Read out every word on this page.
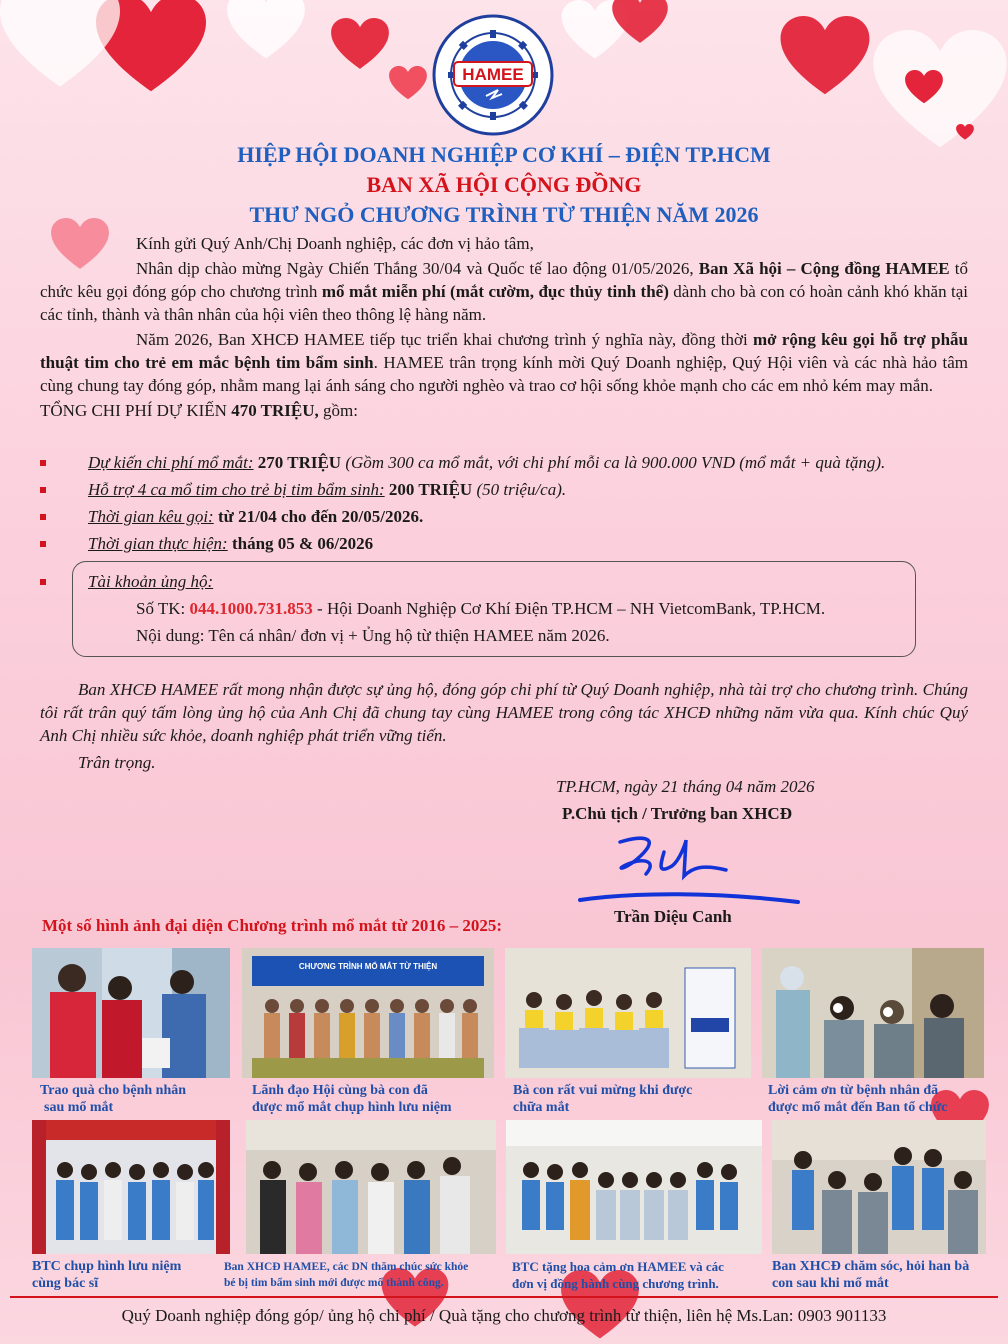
HAMEE
HIỆP HỘI DOANH NGHIỆP CƠ KHÍ – ĐIỆN TP.HCM
BAN XÃ HỘI CỘNG ĐỒNG
THƯ NGỎ CHƯƠNG TRÌNH TỪ THIỆN NĂM 2026

Kính gửi Quý Anh/Chị Doanh nghiệp, các đơn vị hảo tâm,

Nhân dịp chào mừng Ngày Chiến Thắng 30/04 và Quốc tế lao động 01/05/2026, Ban Xã hội – Cộng đồng HAMEE tổ chức kêu gọi đóng góp cho chương trình mổ mắt miễn phí (mắt cườm, đục thủy tinh thể) dành cho bà con có hoàn cảnh khó khăn tại các tỉnh, thành và thân nhân của hội viên theo thông lệ hàng năm.

Năm 2026, Ban XHCĐ HAMEE tiếp tục triển khai chương trình ý nghĩa này, đồng thời mở rộng kêu gọi hỗ trợ phẫu thuật tim cho trẻ em mắc bệnh tim bẩm sinh. HAMEE trân trọng kính mời Quý Doanh nghiệp, Quý Hội viên và các nhà hảo tâm cùng chung tay đóng góp, nhằm mang lại ánh sáng cho người nghèo và trao cơ hội sống khỏe mạnh cho các em nhỏ kém may mắn.

TỔNG CHI PHÍ DỰ KIẾN 470 TRIỆU, gồm:

Dự kiến chi phí mổ mắt: 270 TRIỆU (Gồm 300 ca mổ mắt, với chi phí mỗi ca là 900.000 VND (mổ mắt + quà tặng).
Hỗ trợ 4 ca mổ tim cho trẻ bị tim bẩm sinh: 200 TRIỆU (50 triệu/ca).
Thời gian kêu gọi: từ 21/04 cho đến 20/05/2026.
Thời gian thực hiện: tháng 05 & 06/2026
Tài khoản ủng hộ:
Số TK: 044.1000.731.853 - Hội Doanh Nghiệp Cơ Khí Điện TP.HCM – NH VietcomBank, TP.HCM.
Nội dung: Tên cá nhân/ đơn vị + Ủng hộ từ thiện HAMEE năm 2026.
Ban XHCĐ HAMEE rất mong nhận được sự ủng hộ, đóng góp chi phí từ Quý Doanh nghiệp, nhà tài trợ cho chương trình. Chúng tôi rất trân quý tấm lòng ủng hộ của Anh Chị đã chung tay cùng HAMEE trong công tác XHCĐ những năm vừa qua. Kính chúc Quý Anh Chị nhiều sức khỏe, doanh nghiệp phát triển vững tiến.
Trân trọng.
TP.HCM, ngày 21 tháng 04 năm 2026
P.Chủ tịch / Trưởng ban XHCĐ
Trần Diệu Canh
Một số hình ảnh đại diện Chương trình mổ mắt từ 2016 – 2025:
CHƯƠNG TRÌNH MỔ MẮT TỪ THIỆN
Trao quà cho bệnh nhân
sau mổ mắt
Lãnh đạo Hội cùng bà con đã
được mổ mắt chụp hình lưu niệm
Bà con rất vui mừng khi được
chữa mắt
Lời cảm ơn từ bệnh nhân đã
được mổ mắt đến Ban tổ chức
BTC chụp hình lưu niệm
cùng bác sĩ
Ban XHCĐ HAMEE, các DN thăm chúc sức khỏe
bé bị tim bẩm sinh mới được mổ thành công.
BTC tặng hoa cảm ơn HAMEE và các
đơn vị đồng hành cùng chương trình.
Ban XHCĐ chăm sóc, hỏi han bà
con sau khi mổ mắt
Quý Doanh nghiệp đóng góp/ ủng hộ chi phí / Quà tặng cho chương trình từ thiện, liên hệ Ms.Lan: 0903 901133
